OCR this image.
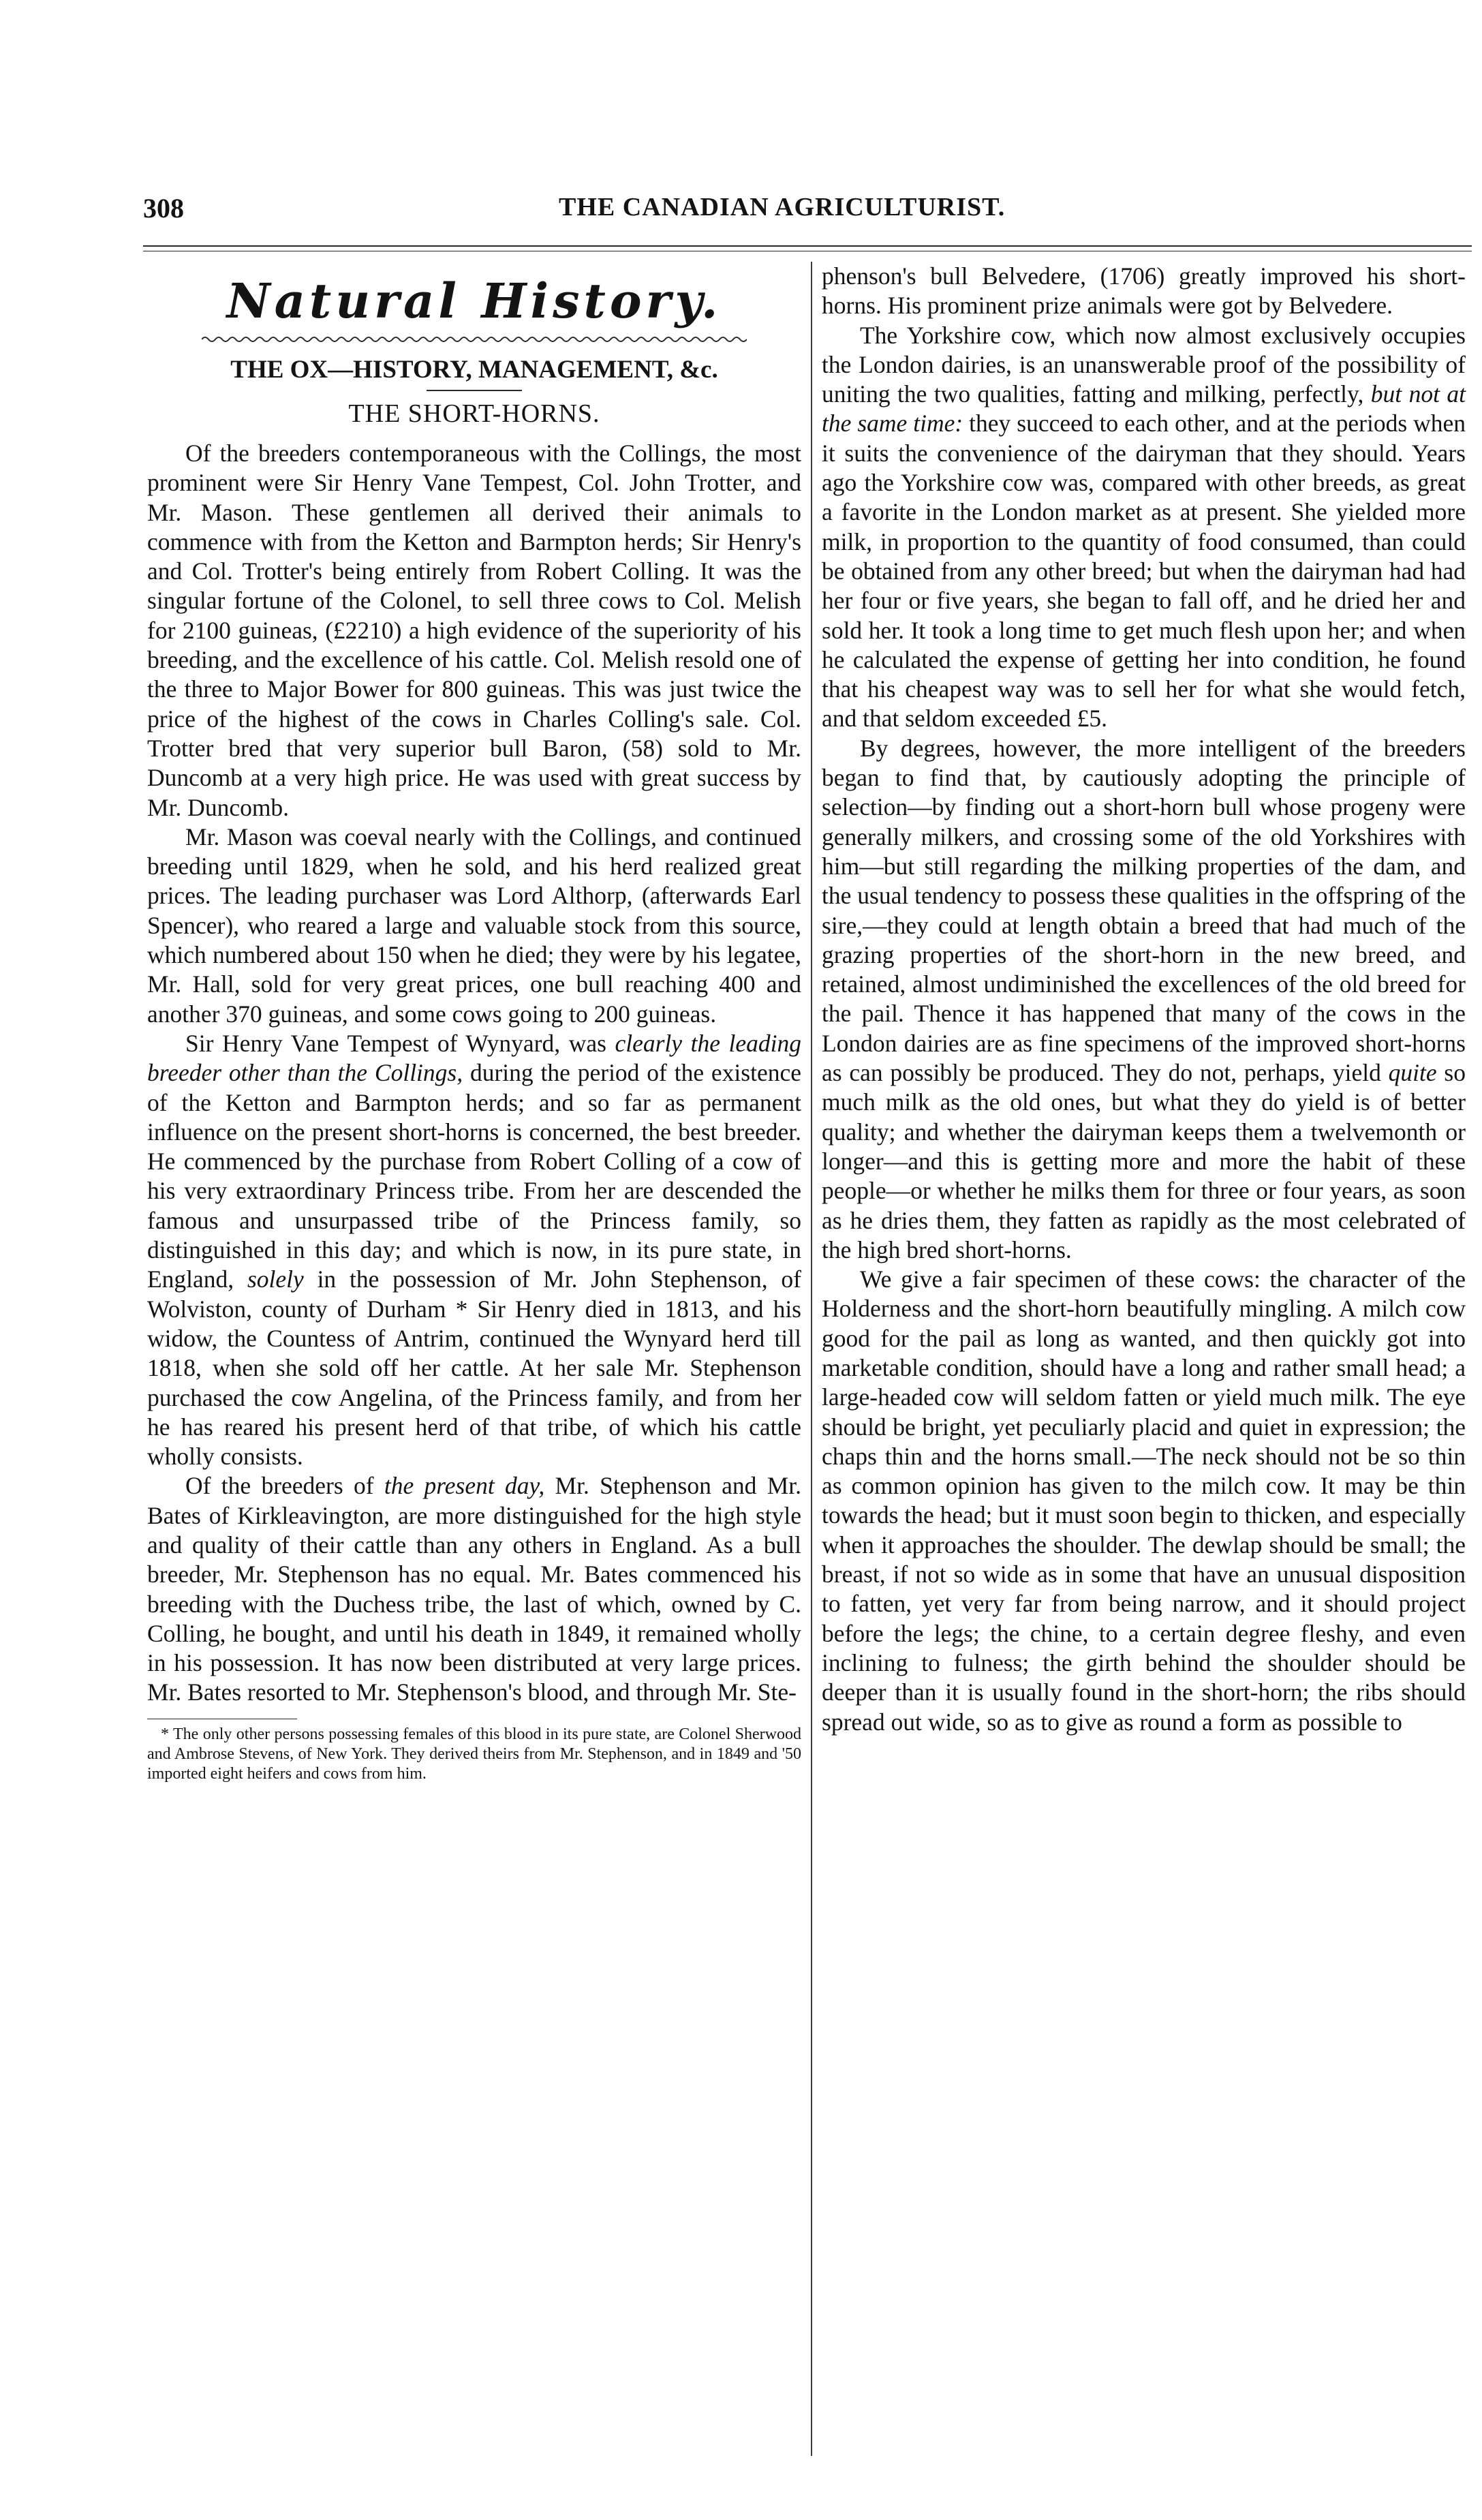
308	THE CANADIAN AGRICULTURIST.
Natural History.
THE OX—HISTORY, MANAGEMENT, &c.
THE SHORT-HORNS.

Of the breeders contemporaneous with the Collings, the most prominent were Sir Henry Vane Tempest, Col. John Trotter, and Mr. Mason. These gentlemen all derived their animals to commence with from the Ketton and Barmpton herds; Sir Henry's and Col. Trotter's being entirely from Robert Colling. It was the singular fortune of the Colonel, to sell three cows to Col. Melish for 2100 guineas, (£2210) a high evidence of the superiority of his breeding, and the excellence of his cattle. Col. Melish resold one of the three to Major Bower for 800 guineas. This was just twice the price of the highest of the cows in Charles Colling's sale. Col. Trotter bred that very superior bull Baron, (58) sold to Mr. Duncomb at a very high price. He was used with great success by Mr. Duncomb.

Mr. Mason was coeval nearly with the Collings, and continued breeding until 1829, when he sold, and his herd realized great prices. The leading purchaser was Lord Althorp, (afterwards Earl Spencer), who reared a large and valuable stock from this source, which numbered about 150 when he died; they were by his legatee, Mr. Hall, sold for very great prices, one bull reaching 400 and another 370 guineas, and some cows going to 200 guineas.

Sir Henry Vane Tempest of Wynyard, was clearly the leading breeder other than the Collings, during the period of the existence of the Ketton and Barmpton herds; and so far as permanent influence on the present short-horns is concerned, the best breeder. He commenced by the purchase from Robert Colling of a cow of his very extraordinary Princess tribe. From her are descended the famous and unsurpassed tribe of the Princess family, so distinguished in this day; and which is now, in its pure state, in England, solely in the possession of Mr. John Stephenson, of Wolviston, county of Durham * Sir Henry died in 1813, and his widow, the Countess of Antrim, continued the Wynyard herd till 1818, when she sold off her cattle. At her sale Mr. Stephenson purchased the cow Angelina, of the Princess family, and from her he has reared his present herd of that tribe, of which his cattle wholly consists.

Of the breeders of the present day, Mr. Stephenson and Mr. Bates of Kirkleavington, are more distinguished for the high style and quality of their cattle than any others in England. As a bull breeder, Mr. Stephenson has no equal. Mr. Bates commenced his breeding with the Duchess tribe, the last of which, owned by C. Colling, he bought, and until his death in 1849, it remained wholly in his possession. It has now been distributed at very large prices. Mr. Bates resorted to Mr. Stephenson's blood, and through Mr. Ste-

* The only other persons possessing females of this blood in its pure state, are Colonel Sherwood and Ambrose Stevens, of New York. They derived theirs from Mr. Stephenson, and in 1849 and '50 imported eight heifers and cows from him.

phenson's bull Belvedere, (1706) greatly improved his short-horns. His prominent prize animals were got by Belvedere.

The Yorkshire cow, which now almost exclusively occupies the London dairies, is an unanswerable proof of the possibility of uniting the two qualities, fatting and milking, perfectly, but not at the same time: they succeed to each other, and at the periods when it suits the convenience of the dairyman that they should. Years ago the Yorkshire cow was, compared with other breeds, as great a favorite in the London market as at present. She yielded more milk, in proportion to the quantity of food consumed, than could be obtained from any other breed; but when the dairyman had had her four or five years, she began to fall off, and he dried her and sold her. It took a long time to get much flesh upon her; and when he calculated the expense of getting her into condition, he found that his cheapest way was to sell her for what she would fetch, and that seldom exceeded £5.

By degrees, however, the more intelligent of the breeders began to find that, by cautiously adopting the principle of selection—by finding out a short-horn bull whose progeny were generally milkers, and crossing some of the old Yorkshires with him—but still regarding the milking properties of the dam, and the usual tendency to possess these qualities in the offspring of the sire,—they could at length obtain a breed that had much of the grazing properties of the short-horn in the new breed, and retained, almost undiminished the excellences of the old breed for the pail. Thence it has happened that many of the cows in the London dairies are as fine specimens of the improved short-horns as can possibly be produced. They do not, perhaps, yield quite so much milk as the old ones, but what they do yield is of better quality; and whether the dairyman keeps them a twelvemonth or longer—and this is getting more and more the habit of these people—or whether he milks them for three or four years, as soon as he dries them, they fatten as rapidly as the most celebrated of the high bred short-horns.

We give a fair specimen of these cows: the character of the Holderness and the short-horn beautifully mingling. A milch cow good for the pail as long as wanted, and then quickly got into marketable condition, should have a long and rather small head; a large-headed cow will seldom fatten or yield much milk. The eye should be bright, yet peculiarly placid and quiet in expression; the chaps thin and the horns small.—The neck should not be so thin as common opinion has given to the milch cow. It may be thin towards the head; but it must soon begin to thicken, and especially when it approaches the shoulder. The dewlap should be small; the breast, if not so wide as in some that have an unusual disposition to fatten, yet very far from being narrow, and it should project before the legs; the chine, to a certain degree fleshy, and even inclining to fulness; the girth behind the shoulder should be deeper than it is usually found in the short-horn; the ribs should spread out wide, so as to give as round a form as possible to
